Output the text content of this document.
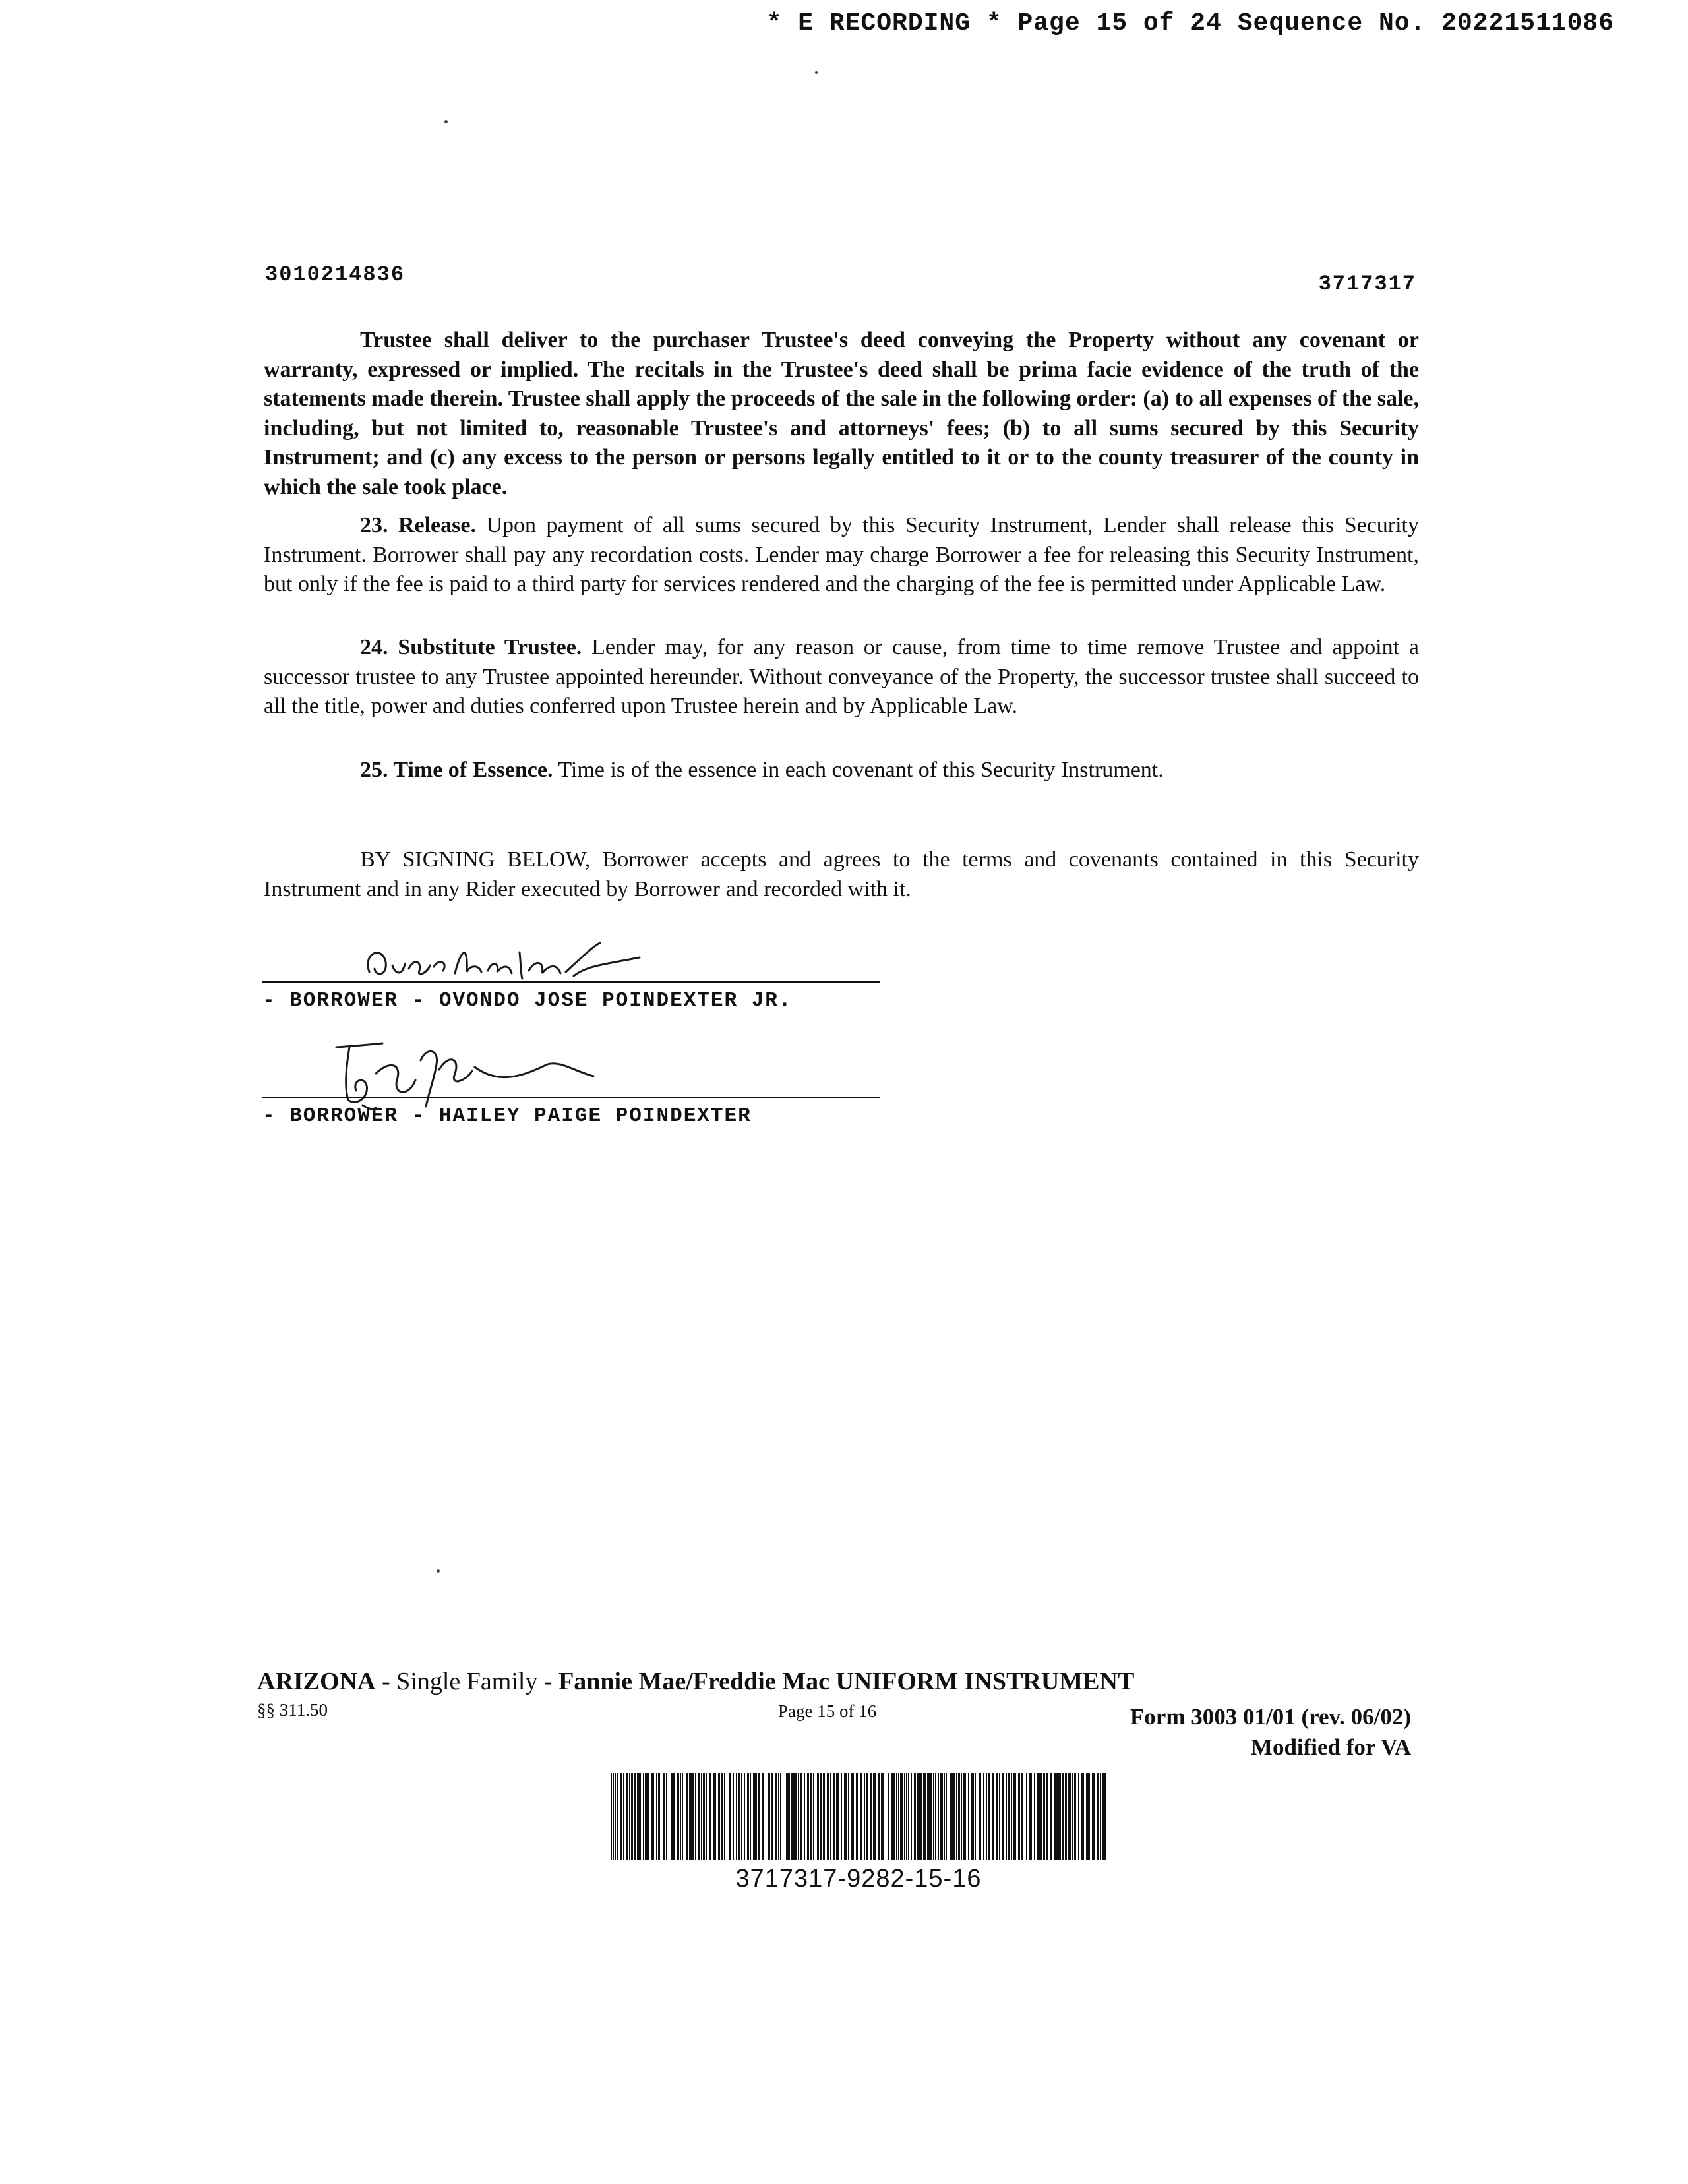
* E RECORDING * Page 15 of 24 Sequence No. 20221511086
3010214836	3717317

Trustee shall deliver to the purchaser Trustee's deed conveying the Property without any covenant or warranty, expressed or implied. The recitals in the Trustee's deed shall be prima facie evidence of the truth of the statements made therein. Trustee shall apply the proceeds of the sale in the following order: (a) to all expenses of the sale, including, but not limited to, reasonable Trustee's and attorneys' fees; (b) to all sums secured by this Security Instrument; and (c) any excess to the person or persons legally entitled to it or to the county treasurer of the county in which the sale took place.

23. Release. Upon payment of all sums secured by this Security Instrument, Lender shall release this Security Instrument. Borrower shall pay any recordation costs. Lender may charge Borrower a fee for releasing this Security Instrument, but only if the fee is paid to a third party for services rendered and the charging of the fee is permitted under Applicable Law.

24. Substitute Trustee. Lender may, for any reason or cause, from time to time remove Trustee and appoint a successor trustee to any Trustee appointed hereunder. Without conveyance of the Property, the successor trustee shall succeed to all the title, power and duties conferred upon Trustee herein and by Applicable Law.

25. Time of Essence. Time is of the essence in each covenant of this Security Instrument.

BY SIGNING BELOW, Borrower accepts and agrees to the terms and covenants contained in this Security Instrument and in any Rider executed by Borrower and recorded with it.

- BORROWER - OVONDO JOSE POINDEXTER JR.
- BORROWER - HAILEY PAIGE POINDEXTER
ARIZONA - Single Family - Fannie Mae/Freddie Mac UNIFORM INSTRUMENT
§§ 311.50	Page 15 of 16	Form 3003 01/01 (rev. 06/02)
Modified for VA
3717317-9282-15-16
